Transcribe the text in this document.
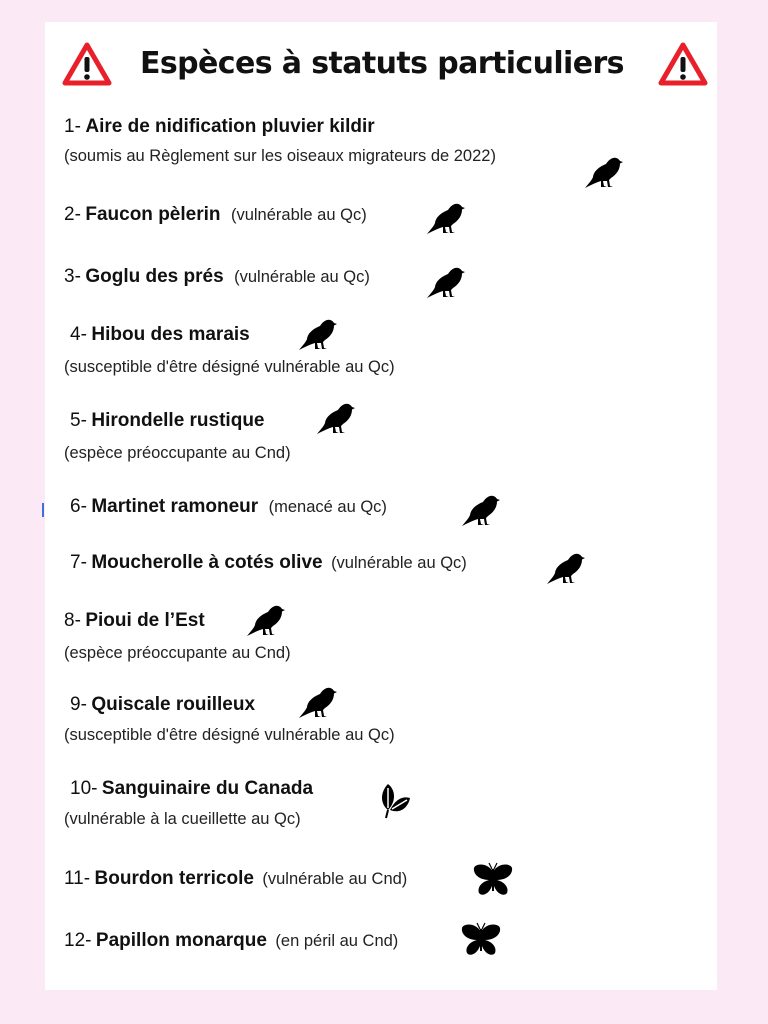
Espèces à statuts particuliers
1- Aire de nidification pluvier kildir
(soumis au Règlement sur les oiseaux migrateurs de 2022)
2- Faucon pèlerin (vulnérable au Qc)
3- Goglu des prés (vulnérable au Qc)
4- Hibou des marais
(susceptible d'être désigné vulnérable au Qc)
5- Hirondelle rustique
(espèce préoccupante au Cnd)
6- Martinet ramoneur (menacé au Qc)
7- Moucherolle à cotés olive (vulnérable au Qc)
8- Pioui de l’Est
(espèce préoccupante au Cnd)
9- Quiscale rouilleux
(susceptible d'être désigné vulnérable au Qc)
10- Sanguinaire du Canada
(vulnérable à la cueillette au Qc)
11- Bourdon terricole (vulnérable au Cnd)
12- Papillon monarque (en péril au Cnd)
